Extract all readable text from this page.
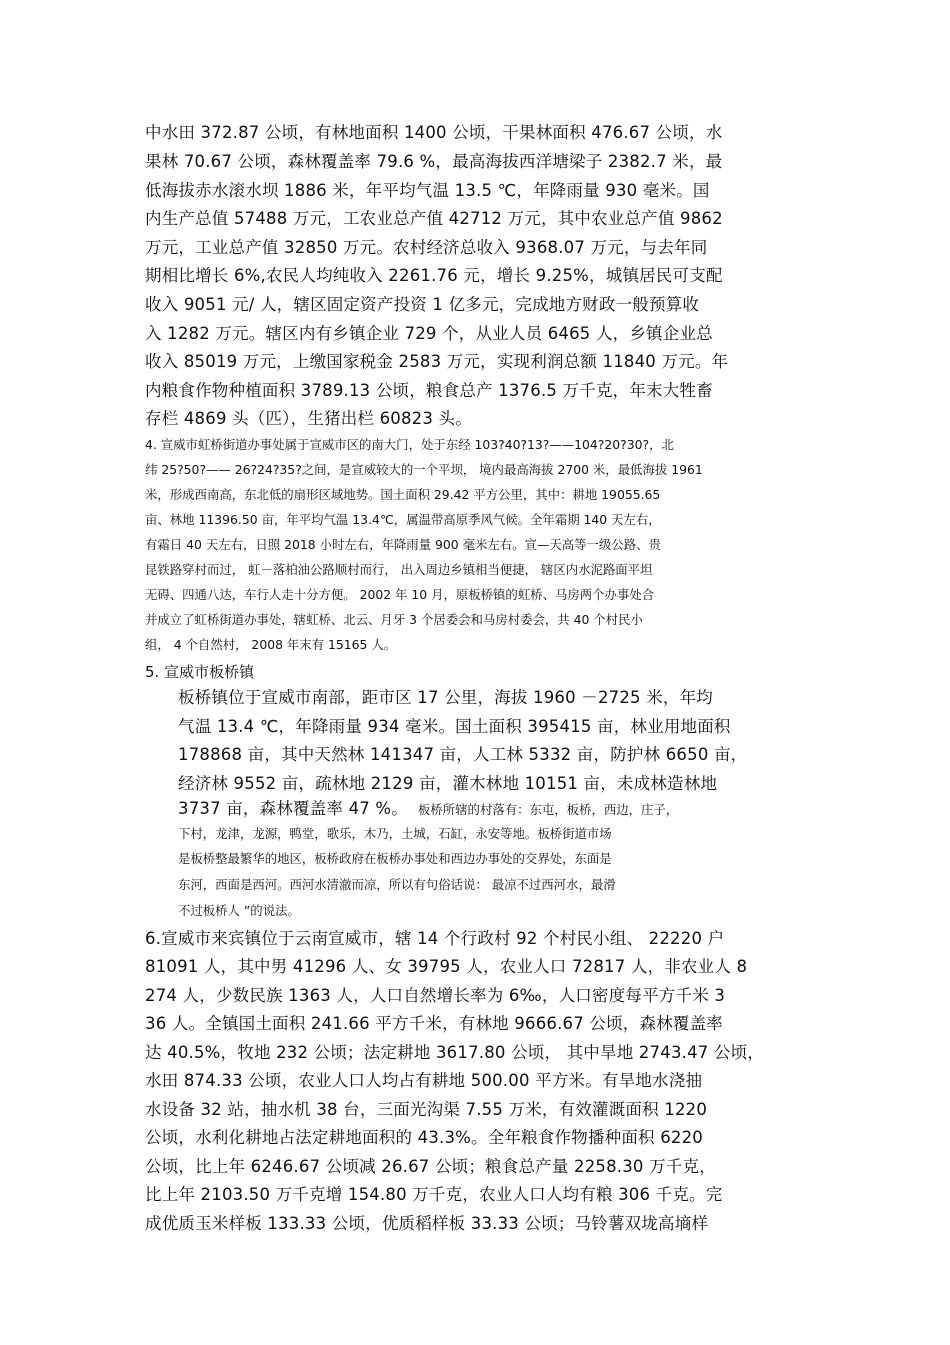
中水田 372.87 公顷，有林地面积 1400 公顷，干果林面积 476.67 公顷，水
果林 70.67 公顷，森林覆盖率 79.6 %，最高海拔西洋塘梁子 2382.7 米，最
低海拔赤水滚水坝 1886 米，年平均气温 13.5 ℃，年降雨量 930 毫米。国
内生产总值 57488 万元，工农业总产值 42712 万元，其中农业总产值 9862
万元，工业总产值 32850 万元。农村经济总收入 9368.07 万元，与去年同
期相比增长 6%,农民人均纯收入 2261.76 元，增长 9.25%，城镇居民可支配
收入 9051 元/ 人，辖区固定资产投资 1 亿多元，完成地方财政一般预算收
入 1282 万元。辖区内有乡镇企业 729 个，从业人员 6465 人，乡镇企业总
收入 85019 万元，上缴国家税金 2583 万元，实现利润总额 11840 万元。年
内粮食作物种植面积 3789.13 公顷，粮食总产 1376.5 万千克，年末大牲畜
存栏 4869 头（匹），生猪出栏 60823 头。
4. 宣威市虹桥街道办事处属于宣威市区的南大门，处于东经 103?40?13?——104?20?30?，北
纬 25?50?—— 26?24?35?之间，是宣威较大的一个平坝， 境内最高海拔 2700 米，最低海拔 1961
米，形成西南高，东北低的扇形区域地势。国土面积 29.42 平方公里，其中：耕地 19055.65
亩、林地 11396.50 亩，年平均气温 13.4℃，属温带高原季风气候。全年霜期 140 天左右，
有霜日 40 天左右，日照 2018 小时左右，年降雨量 900 毫米左右。宣—天高等一级公路、贵
昆铁路穿村而过， 虹－落柏油公路顺村而行， 出入周边乡镇相当便捷， 辖区内水泥路面平坦
无碍、四通八达，车行人走十分方便。 2002 年 10 月，原板桥镇的虹桥、马房两个办事处合
并成立了虹桥街道办事处，辖虹桥、北云、月牙 3 个居委会和马房村委会，共 40 个村民小
组， 4 个自然村， 2008 年末有 15165 人。
5. 宣威市板桥镇
板桥镇位于宣威市南部，距市区 17 公里，海拔 1960 －2725 米，年均
气温 13.4 ℃，年降雨量 934 毫米。国土面积 395415 亩，林业用地面积
178868 亩，其中天然林 141347 亩，人工林 5332 亩，防护林 6650 亩，
经济林 9552 亩，疏林地 2129 亩，灌木林地 10151 亩，未成林造林地
3737 亩，森林覆盖率 47 %。 板桥所辖的村落有：东屯，板桥，西边，庄子，
下村，龙津，龙源，鸭堂，歌乐，木乃，土城，石缸，永安等地。板桥街道市场
是板桥整最繁华的地区，板桥政府在板桥办事处和西边办事处的交界处，东面是
东河，西面是西河。西河水清澈而凉，所以有句俗话说： 最凉不过西河水，最滑
不过板桥人 ”的说法。
6.宣威市来宾镇位于云南宣威市，辖 14 个行政村 92 个村民小组、 22220 户
81091 人，其中男 41296 人、女 39795 人，农业人口 72817 人，非农业人 8
274 人，少数民族 1363 人，人口自然增长率为 6‰，人口密度每平方千米 3
36 人。全镇国土面积 241.66 平方千米，有林地 9666.67 公顷，森林覆盖率
达 40.5%，牧地 232 公顷；法定耕地 3617.80 公顷， 其中旱地 2743.47 公顷，
水田 874.33 公顷，农业人口人均占有耕地 500.00 平方米。有旱地水浇抽
水设备 32 站，抽水机 38 台，三面光沟渠 7.55 万米，有效灌溉面积 1220
公顷，水利化耕地占法定耕地面积的 43.3%。全年粮食作物播种面积 6220
公顷，比上年 6246.67 公顷减 26.67 公顷；粮食总产量 2258.30 万千克，
比上年 2103.50 万千克增 154.80 万千克，农业人口人均有粮 306 千克。完
成优质玉米样板 133.33 公顷，优质稻样板 33.33 公顷；马铃薯双垅高墒样
